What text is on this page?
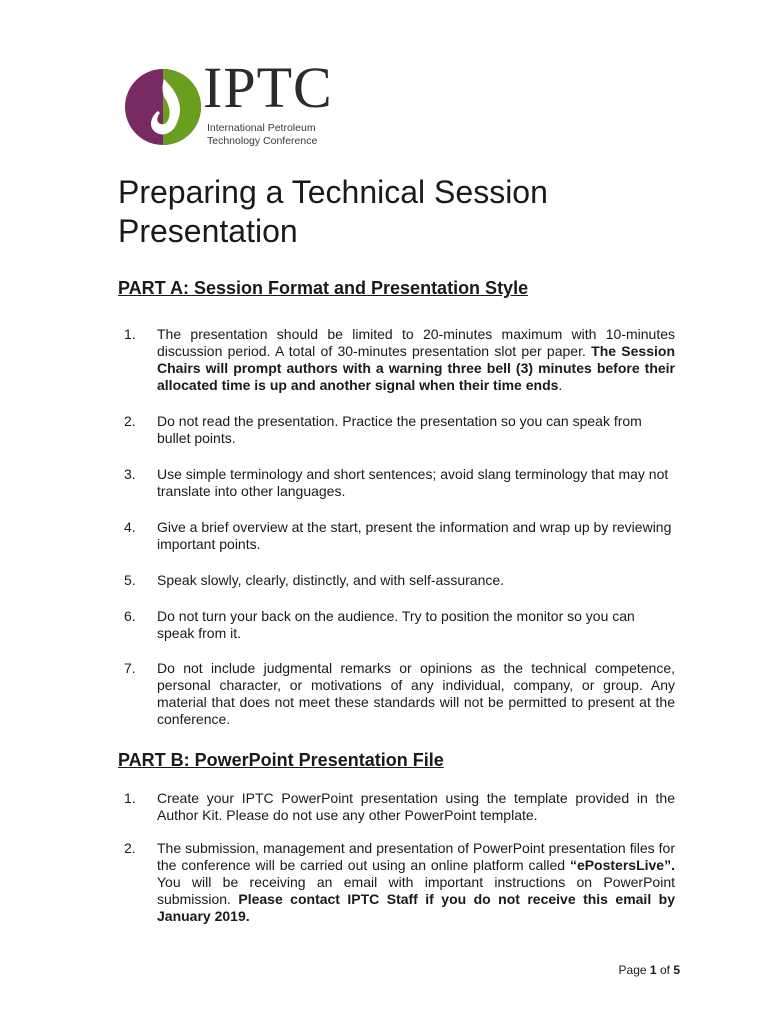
IPTC
International Petroleum
Technology Conference
Preparing a Technical Session Presentation
PART A: Session Format and Presentation Style
1. The presentation should be limited to 20-minutes maximum with 10-minutes discussion period. A total of 30-minutes presentation slot per paper. The Session Chairs will prompt authors with a warning three bell (3) minutes before their allocated time is up and another signal when their time ends.
2. Do not read the presentation. Practice the presentation so you can speak from bullet points.
3. Use simple terminology and short sentences; avoid slang terminology that may not translate into other languages.
4. Give a brief overview at the start, present the information and wrap up by reviewing important points.
5. Speak slowly, clearly, distinctly, and with self-assurance.
6. Do not turn your back on the audience. Try to position the monitor so you can speak from it.
7. Do not include judgmental remarks or opinions as the technical competence, personal character, or motivations of any individual, company, or group. Any material that does not meet these standards will not be permitted to present at the conference.
PART B: PowerPoint Presentation File
1. Create your IPTC PowerPoint presentation using the template provided in the Author Kit. Please do not use any other PowerPoint template.
2. The submission, management and presentation of PowerPoint presentation files for the conference will be carried out using an online platform called “ePostersLive”. You will be receiving an email with important instructions on PowerPoint submission. Please contact IPTC Staff if you do not receive this email by January 2019.
Page 1 of 5
